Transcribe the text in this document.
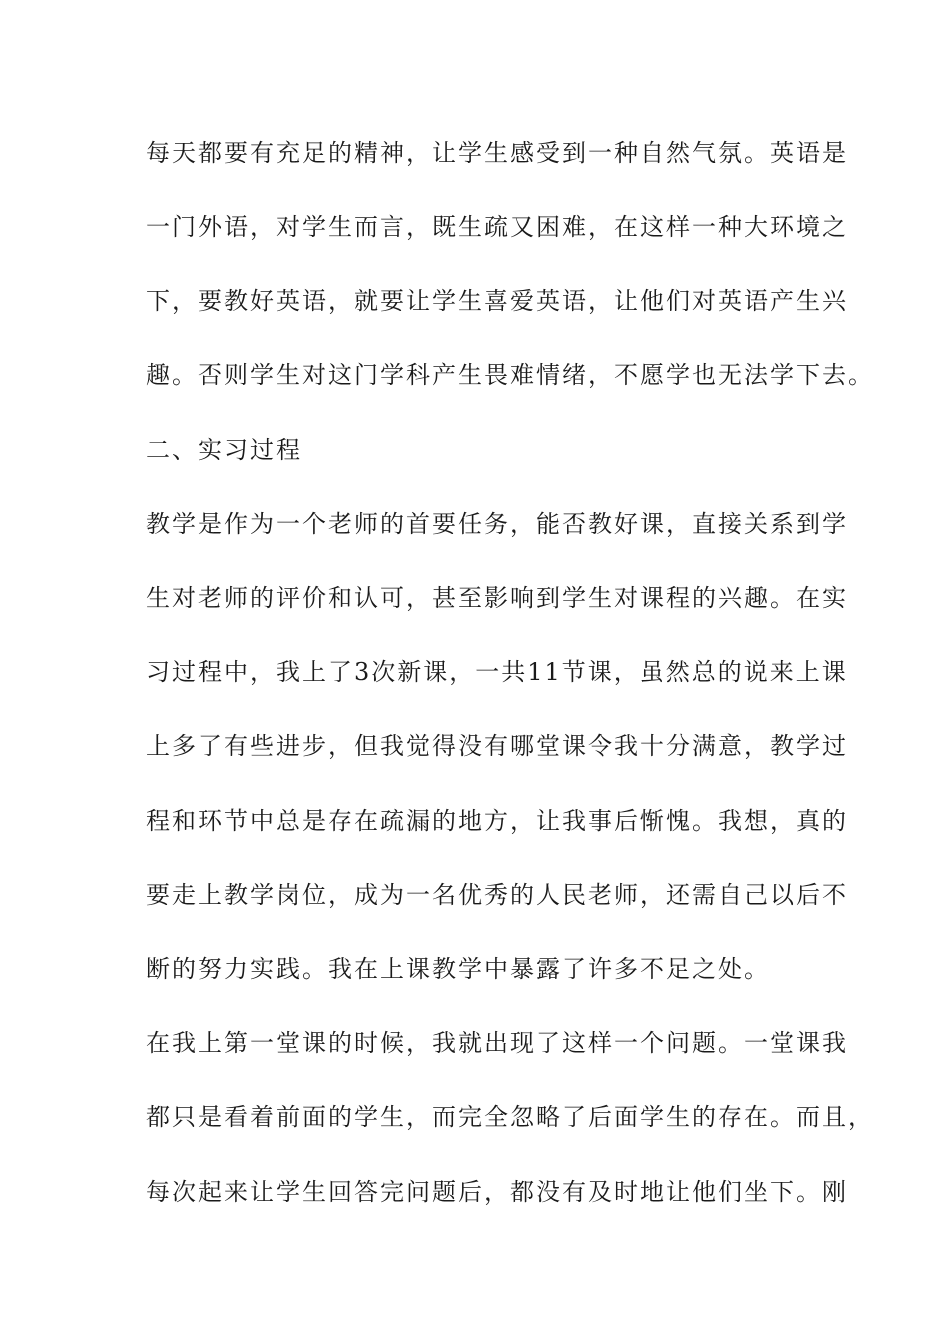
每天都要有充足的精神，让学生感受到一种自然气氛。英语是
一门外语，对学生而言，既生疏又困难，在这样一种大环境之
下，要教好英语，就要让学生喜爱英语，让他们对英语产生兴
趣。否则学生对这门学科产生畏难情绪，不愿学也无法学下去。
二、实习过程
教学是作为一个老师的首要任务，能否教好课，直接关系到学
生对老师的评价和认可，甚至影响到学生对课程的兴趣。在实
习过程中，我上了3次新课，一共11节课，虽然总的说来上课
上多了有些进步，但我觉得没有哪堂课令我十分满意，教学过
程和环节中总是存在疏漏的地方，让我事后惭愧。我想，真的
要走上教学岗位，成为一名优秀的人民老师，还需自己以后不
断的努力实践。我在上课教学中暴露了许多不足之处。
在我上第一堂课的时候，我就出现了这样一个问题。一堂课我
都只是看着前面的学生，而完全忽略了后面学生的存在。而且，
每次起来让学生回答完问题后，都没有及时地让他们坐下。刚
